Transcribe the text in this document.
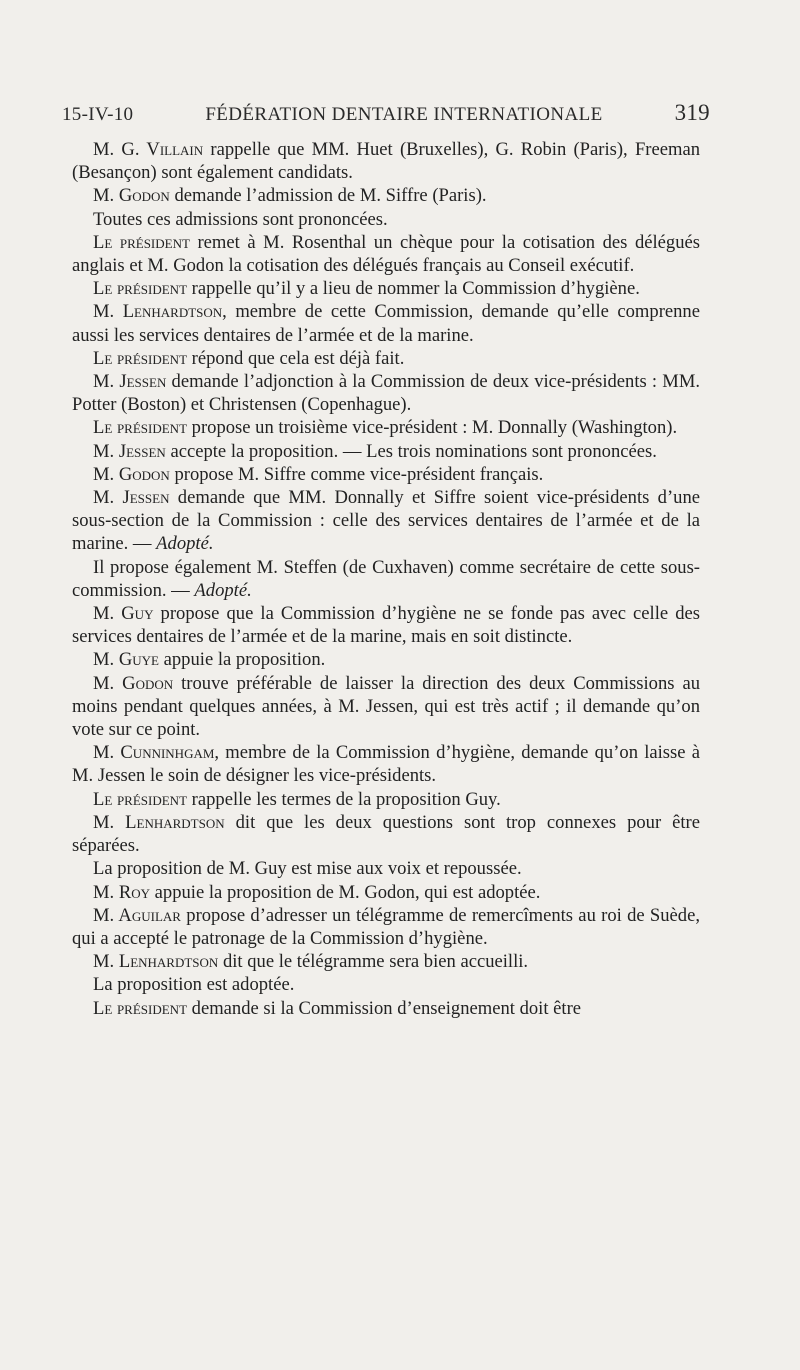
15-IV-10	FÉDÉRATION DENTAIRE INTERNATIONALE	319

M. G. Villain rappelle que MM. Huet (Bruxelles), G. Robin (Paris), Freeman (Besançon) sont également candidats.

M. Godon demande l’admission de M. Siffre (Paris).

Toutes ces admissions sont prononcées.

Le président remet à M. Rosenthal un chèque pour la cotisation des délégués anglais et M. Godon la cotisation des délégués français au Conseil exécutif.

Le président rappelle qu’il y a lieu de nommer la Commission d’hygiène.

M. Lenhardtson, membre de cette Commission, demande qu’elle comprenne aussi les services dentaires de l’armée et de la marine.

Le président répond que cela est déjà fait.

M. Jessen demande l’adjonction à la Commission de deux vice-présidents : MM. Potter (Boston) et Christensen (Copenhague).

Le président propose un troisième vice-président : M. Donnally (Washington).

M. Jessen accepte la proposition. — Les trois nominations sont prononcées.

M. Godon propose M. Siffre comme vice-président français.

M. Jessen demande que MM. Donnally et Siffre soient vice-présidents d’une sous-section de la Commission : celle des services dentaires de l’armée et de la marine. — Adopté.

Il propose également M. Steffen (de Cuxhaven) comme secrétaire de cette sous-commission. — Adopté.

M. Guy propose que la Commission d’hygiène ne se fonde pas avec celle des services dentaires de l’armée et de la marine, mais en soit distincte.

M. Guye appuie la proposition.

M. Godon trouve préférable de laisser la direction des deux Commissions au moins pendant quelques années, à M. Jessen, qui est très actif ; il demande qu’on vote sur ce point.

M. Cunninhgam, membre de la Commission d’hygiène, demande qu’on laisse à M. Jessen le soin de désigner les vice-présidents.

Le président rappelle les termes de la proposition Guy.

M. Lenhardtson dit que les deux questions sont trop connexes pour être séparées.

La proposition de M. Guy est mise aux voix et repoussée.

M. Roy appuie la proposition de M. Godon, qui est adoptée.

M. Aguilar propose d’adresser un télégramme de remercîments au roi de Suède, qui a accepté le patronage de la Commission d’hygiène.

M. Lenhardtson dit que le télégramme sera bien accueilli.

La proposition est adoptée.

Le président demande si la Commission d’enseignement doit être
